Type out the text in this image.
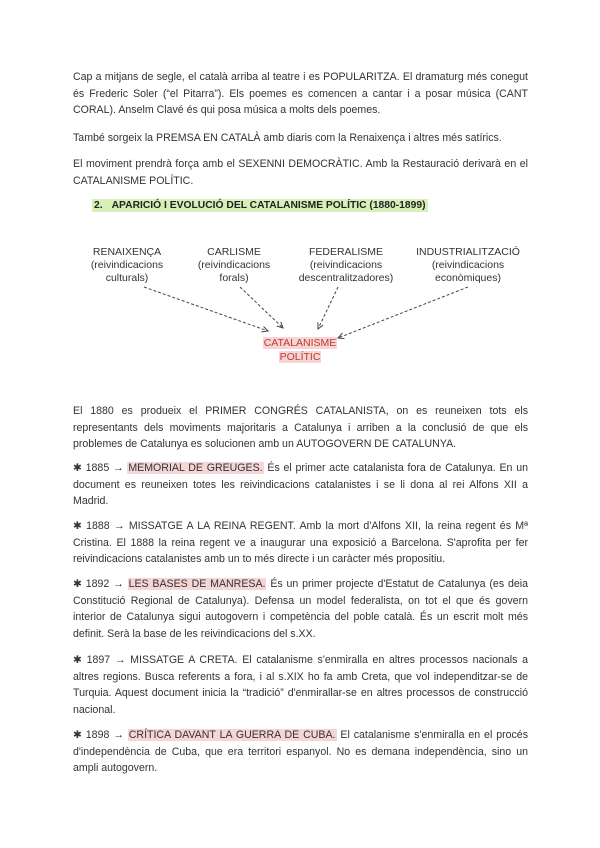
Cap a mitjans de segle, el català arriba al teatre i es POPULARITZA. El dramaturg més conegut és Frederic Soler (“el Pitarra”). Els poemes es comencen a cantar i a posar música (CANT CORAL). Anselm Clavé és qui posa música a molts dels poemes.

També sorgeix la PREMSA EN CATALÀ amb diaris com la Renaixença i altres més satírics.

El moviment prendrà força amb el SEXENNI DEMOCRÀTIC. Amb la Restauració derivarà en el CATALANISME POLÍTIC.

2. APARICIÓ I EVOLUCIÓ DEL CATALANISME POLÍTIC (1880-1899)

RENAIXENÇA
(reivindicacions
culturals)
CARLISME
(reivindicacions
forals)
FEDERALISME
(reivindicacions
descentralitzadores)
INDUSTRIALITZACIÓ
(reivindicacions
econòmiques)
CATALANISME
POLÍTIC

El 1880 es produeix el PRIMER CONGRÉS CATALANISTA, on es reuneixen tots els representants dels moviments majoritaris a Catalunya i arriben a la conclusió de que els problemes de Catalunya es solucionen amb un AUTOGOVERN DE CATALUNYA.

✱ 1885 → MEMORIAL DE GREUGES. És el primer acte catalanista fora de Catalunya. En un document es reuneixen totes les reivindicacions catalanistes i se li dona al rei Alfons XII a Madrid.

✱ 1888 → MISSATGE A LA REINA REGENT. Amb la mort d'Alfons XII, la reina regent és Mª Cristina. El 1888 la reina regent ve a inaugurar una exposició a Barcelona. S'aprofita per fer reivindicacions catalanistes amb un to més directe i un caràcter més propositiu.

✱ 1892 → LES BASES DE MANRESA. És un primer projecte d'Estatut de Catalunya (es deia Constitució Regional de Catalunya). Defensa un model federalista, on tot el que és govern interior de Catalunya sigui autogovern i competència del poble català. És un escrit molt més definit. Serà la base de les reivindicacions del s.XX.

✱ 1897 → MISSATGE A CRETA. El catalanisme s'enmiralla en altres processos nacionals a altres regions. Busca referents a fora, i al s.XIX ho fa amb Creta, que vol independitzar-se de Turquia. Aquest document inicia la “tradició” d'enmirallar-se en altres processos de construcció nacional.

✱ 1898 → CRÍTICA DAVANT LA GUERRA DE CUBA. El catalanisme s'enmiralla en el procés d'independència de Cuba, que era territori espanyol. No es demana independència, sino un ampli autogovern.
